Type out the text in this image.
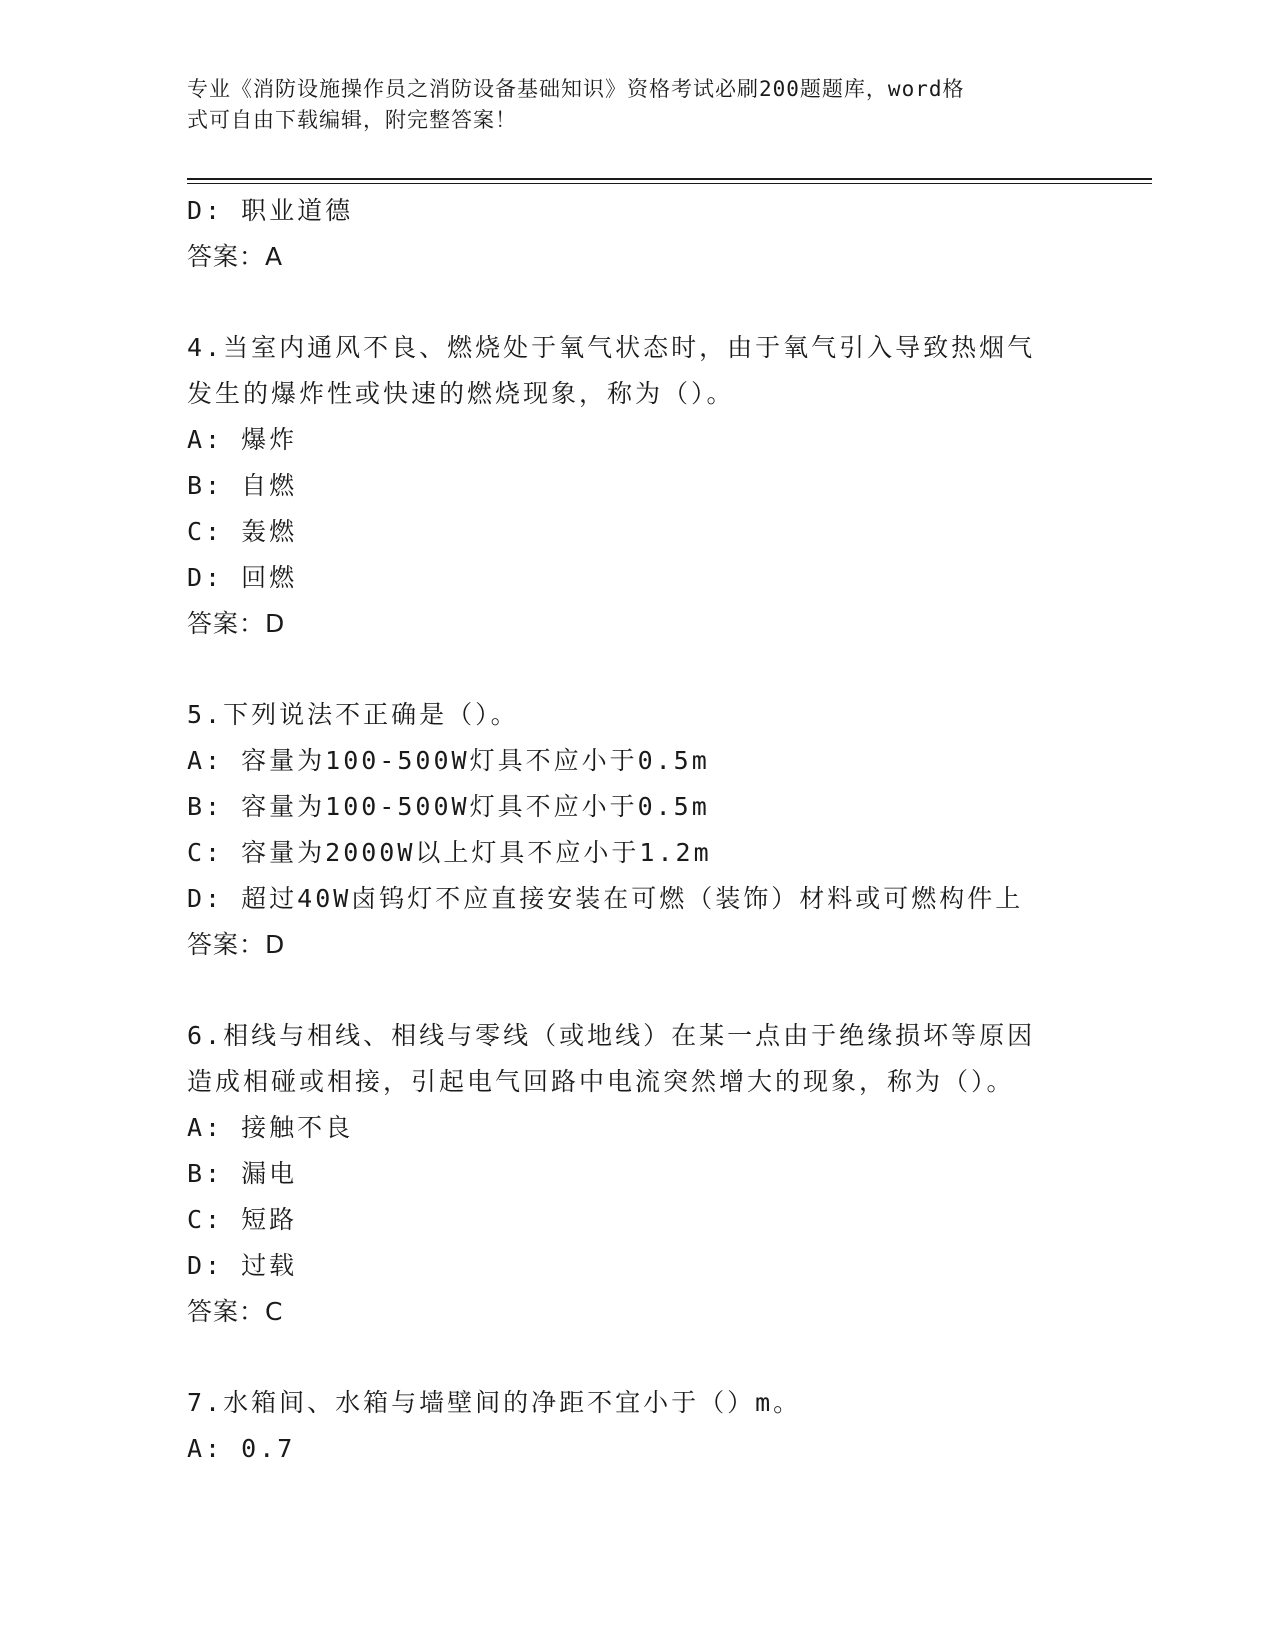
专业《消防设施操作员之消防设备基础知识》资格考试必刷200题题库，word格
式可自由下载编辑，附完整答案！
D: 职业道德
答案：A
4.当室内通风不良、燃烧处于氧气状态时，由于氧气引入导致热烟气
发生的爆炸性或快速的燃烧现象，称为（）。
A: 爆炸
B: 自燃
C: 轰燃
D: 回燃
答案：D
5.下列说法不正确是（）。
A: 容量为100-500W灯具不应小于0.5m
B: 容量为100-500W灯具不应小于0.5m
C: 容量为2000W以上灯具不应小于1.2m
D: 超过40W卤钨灯不应直接安装在可燃（装饰）材料或可燃构件上
答案：D
6.相线与相线、相线与零线（或地线）在某一点由于绝缘损坏等原因
造成相碰或相接，引起电气回路中电流突然增大的现象，称为（）。
A: 接触不良
B: 漏电
C: 短路
D: 过载
答案：C
7.水箱间、水箱与墙壁间的净距不宜小于（）m。
A: 0.7
